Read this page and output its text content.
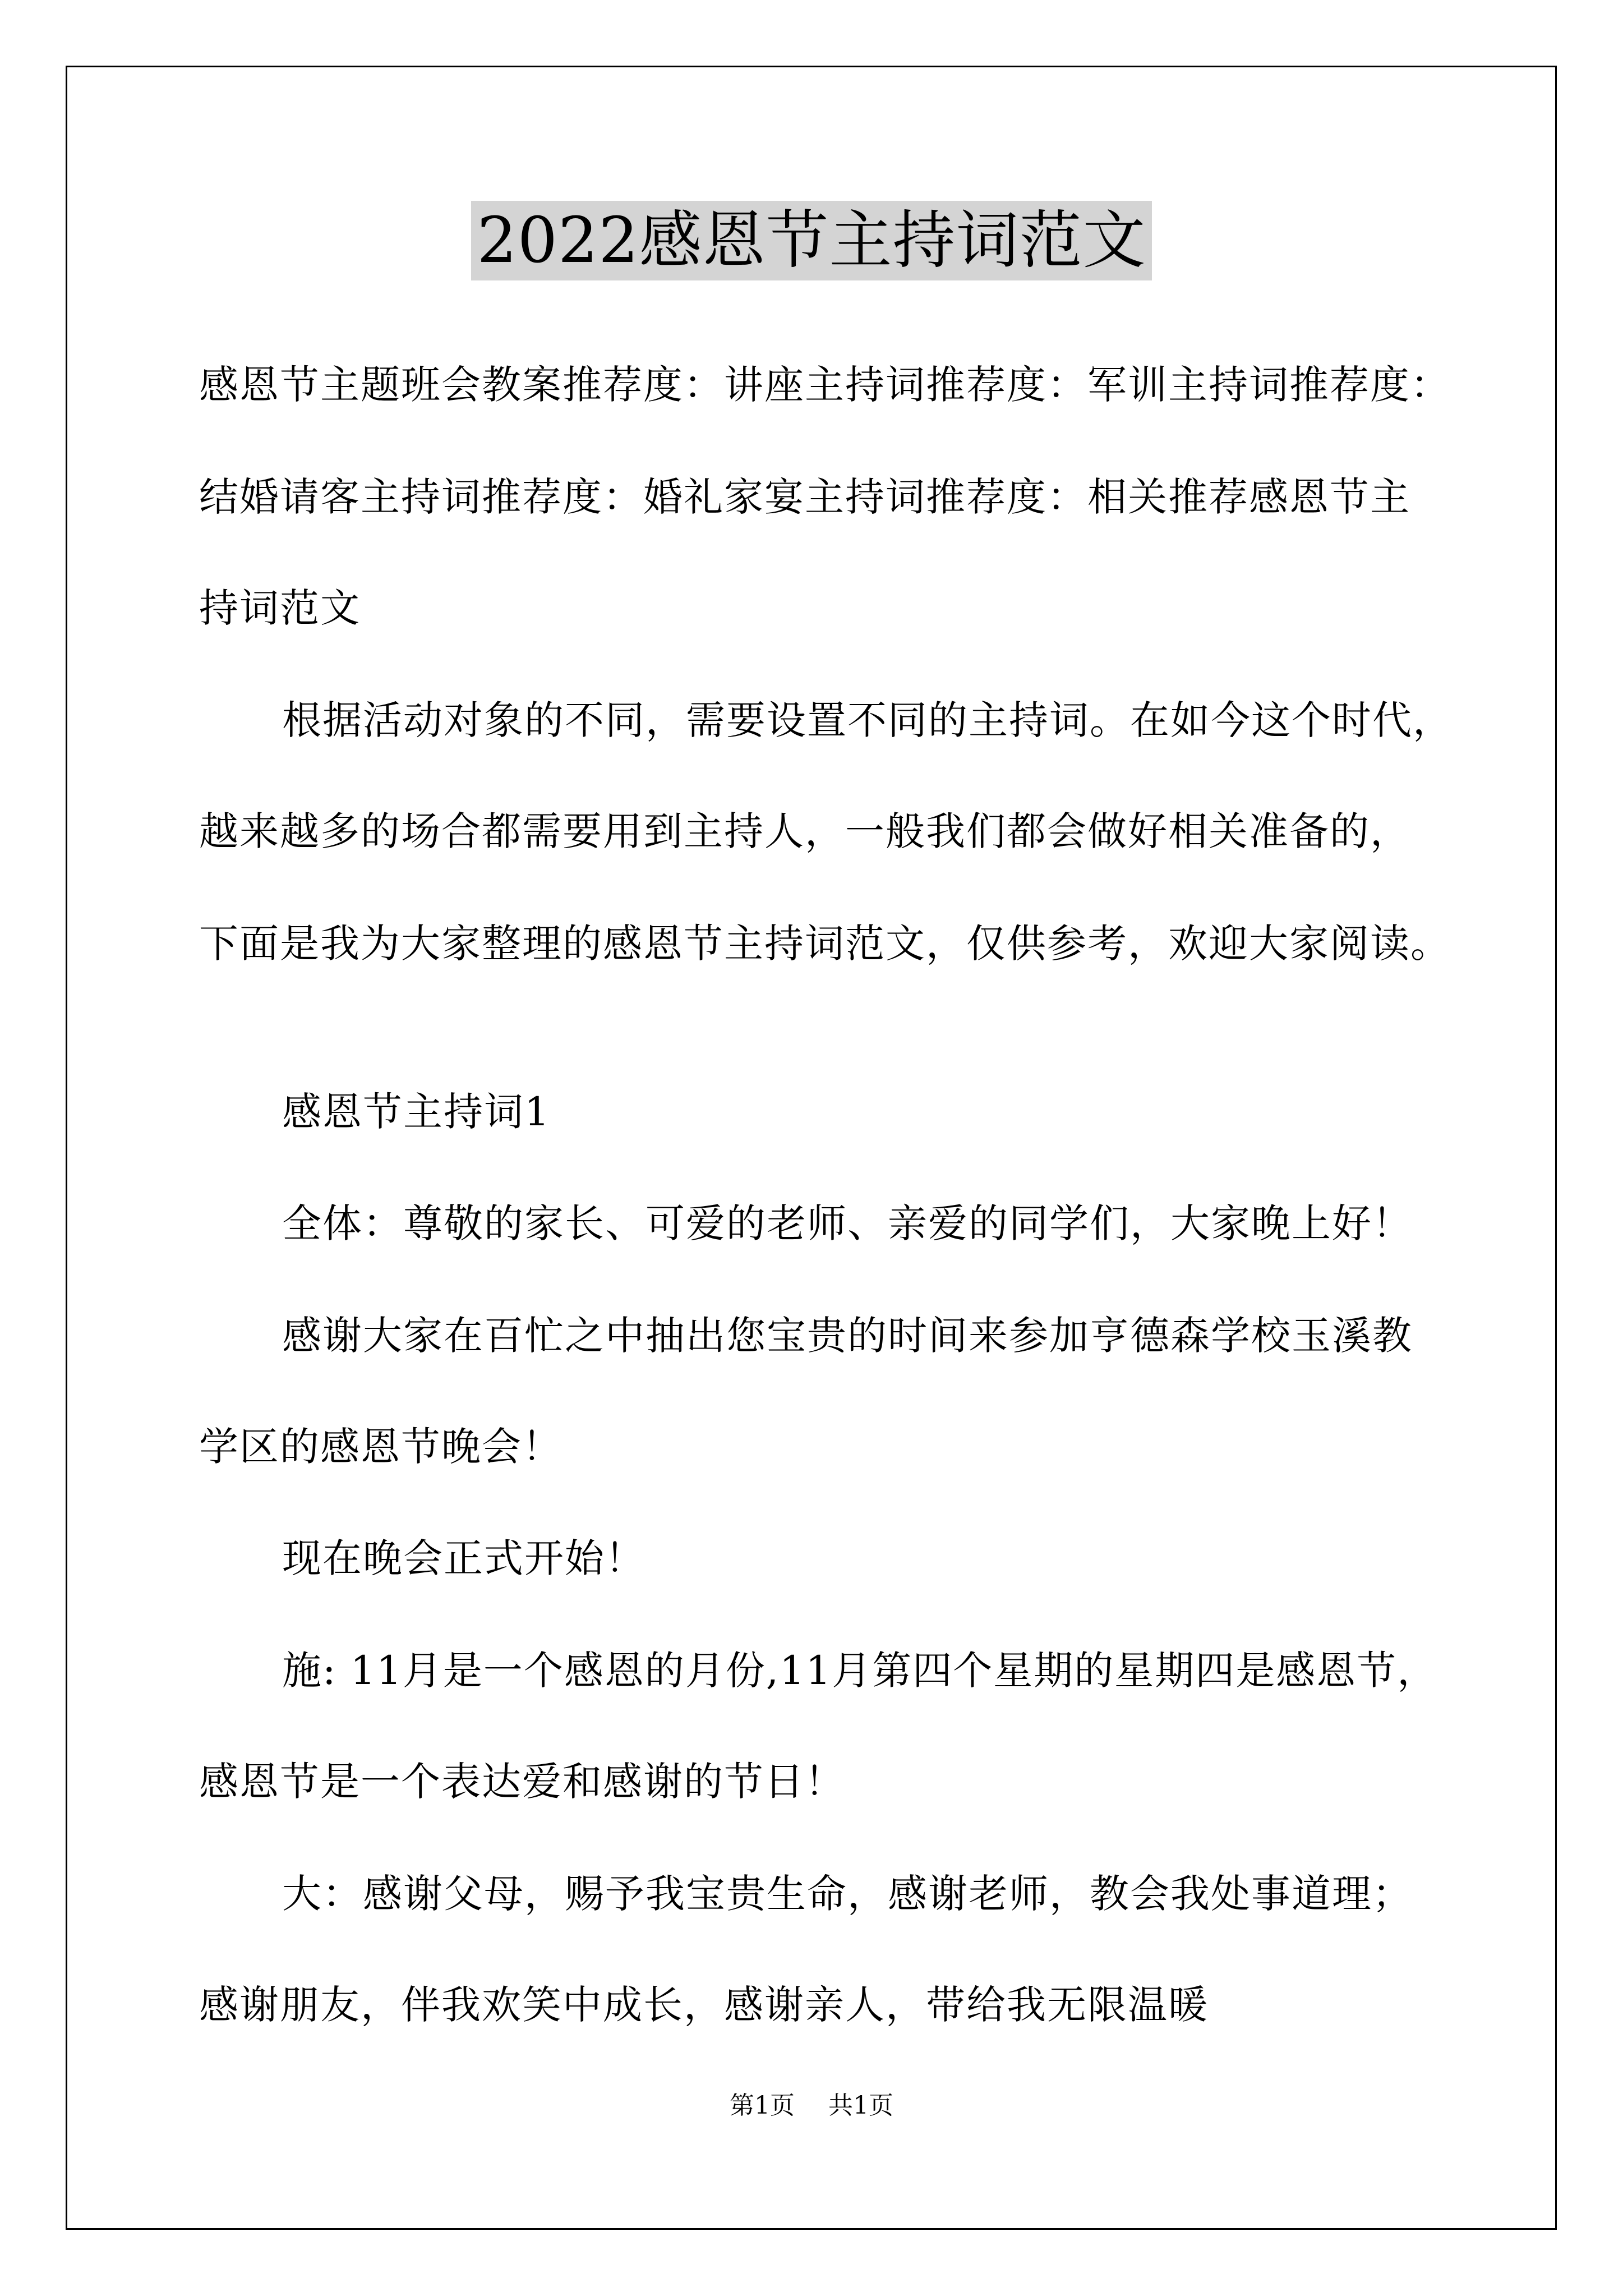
2022感恩节主持词范文
感恩节主题班会教案推荐度：讲座主持词推荐度：军训主持词推荐度：
结婚请客主持词推荐度：婚礼家宴主持词推荐度：相关推荐感恩节主
持词范文
根据活动对象的不同，需要设置不同的主持词。在如今这个时代，
越来越多的场合都需要用到主持人，一般我们都会做好相关准备的，
下面是我为大家整理的感恩节主持词范文，仅供参考，欢迎大家阅读。
感恩节主持词1
全体：尊敬的家长、可爱的老师、亲爱的同学们，大家晚上好！
感谢大家在百忙之中抽出您宝贵的时间来参加亨德森学校玉溪教
学区的感恩节晚会！
现在晚会正式开始！
施: 11月是一个感恩的月份,11月第四个星期的星期四是感恩节，
感恩节是一个表达爱和感谢的节日！
大：感谢父母，赐予我宝贵生命，感谢老师，教会我处事道理；
感谢朋友，伴我欢笑中成长，感谢亲人，带给我无限温暖
第1页 共1页
